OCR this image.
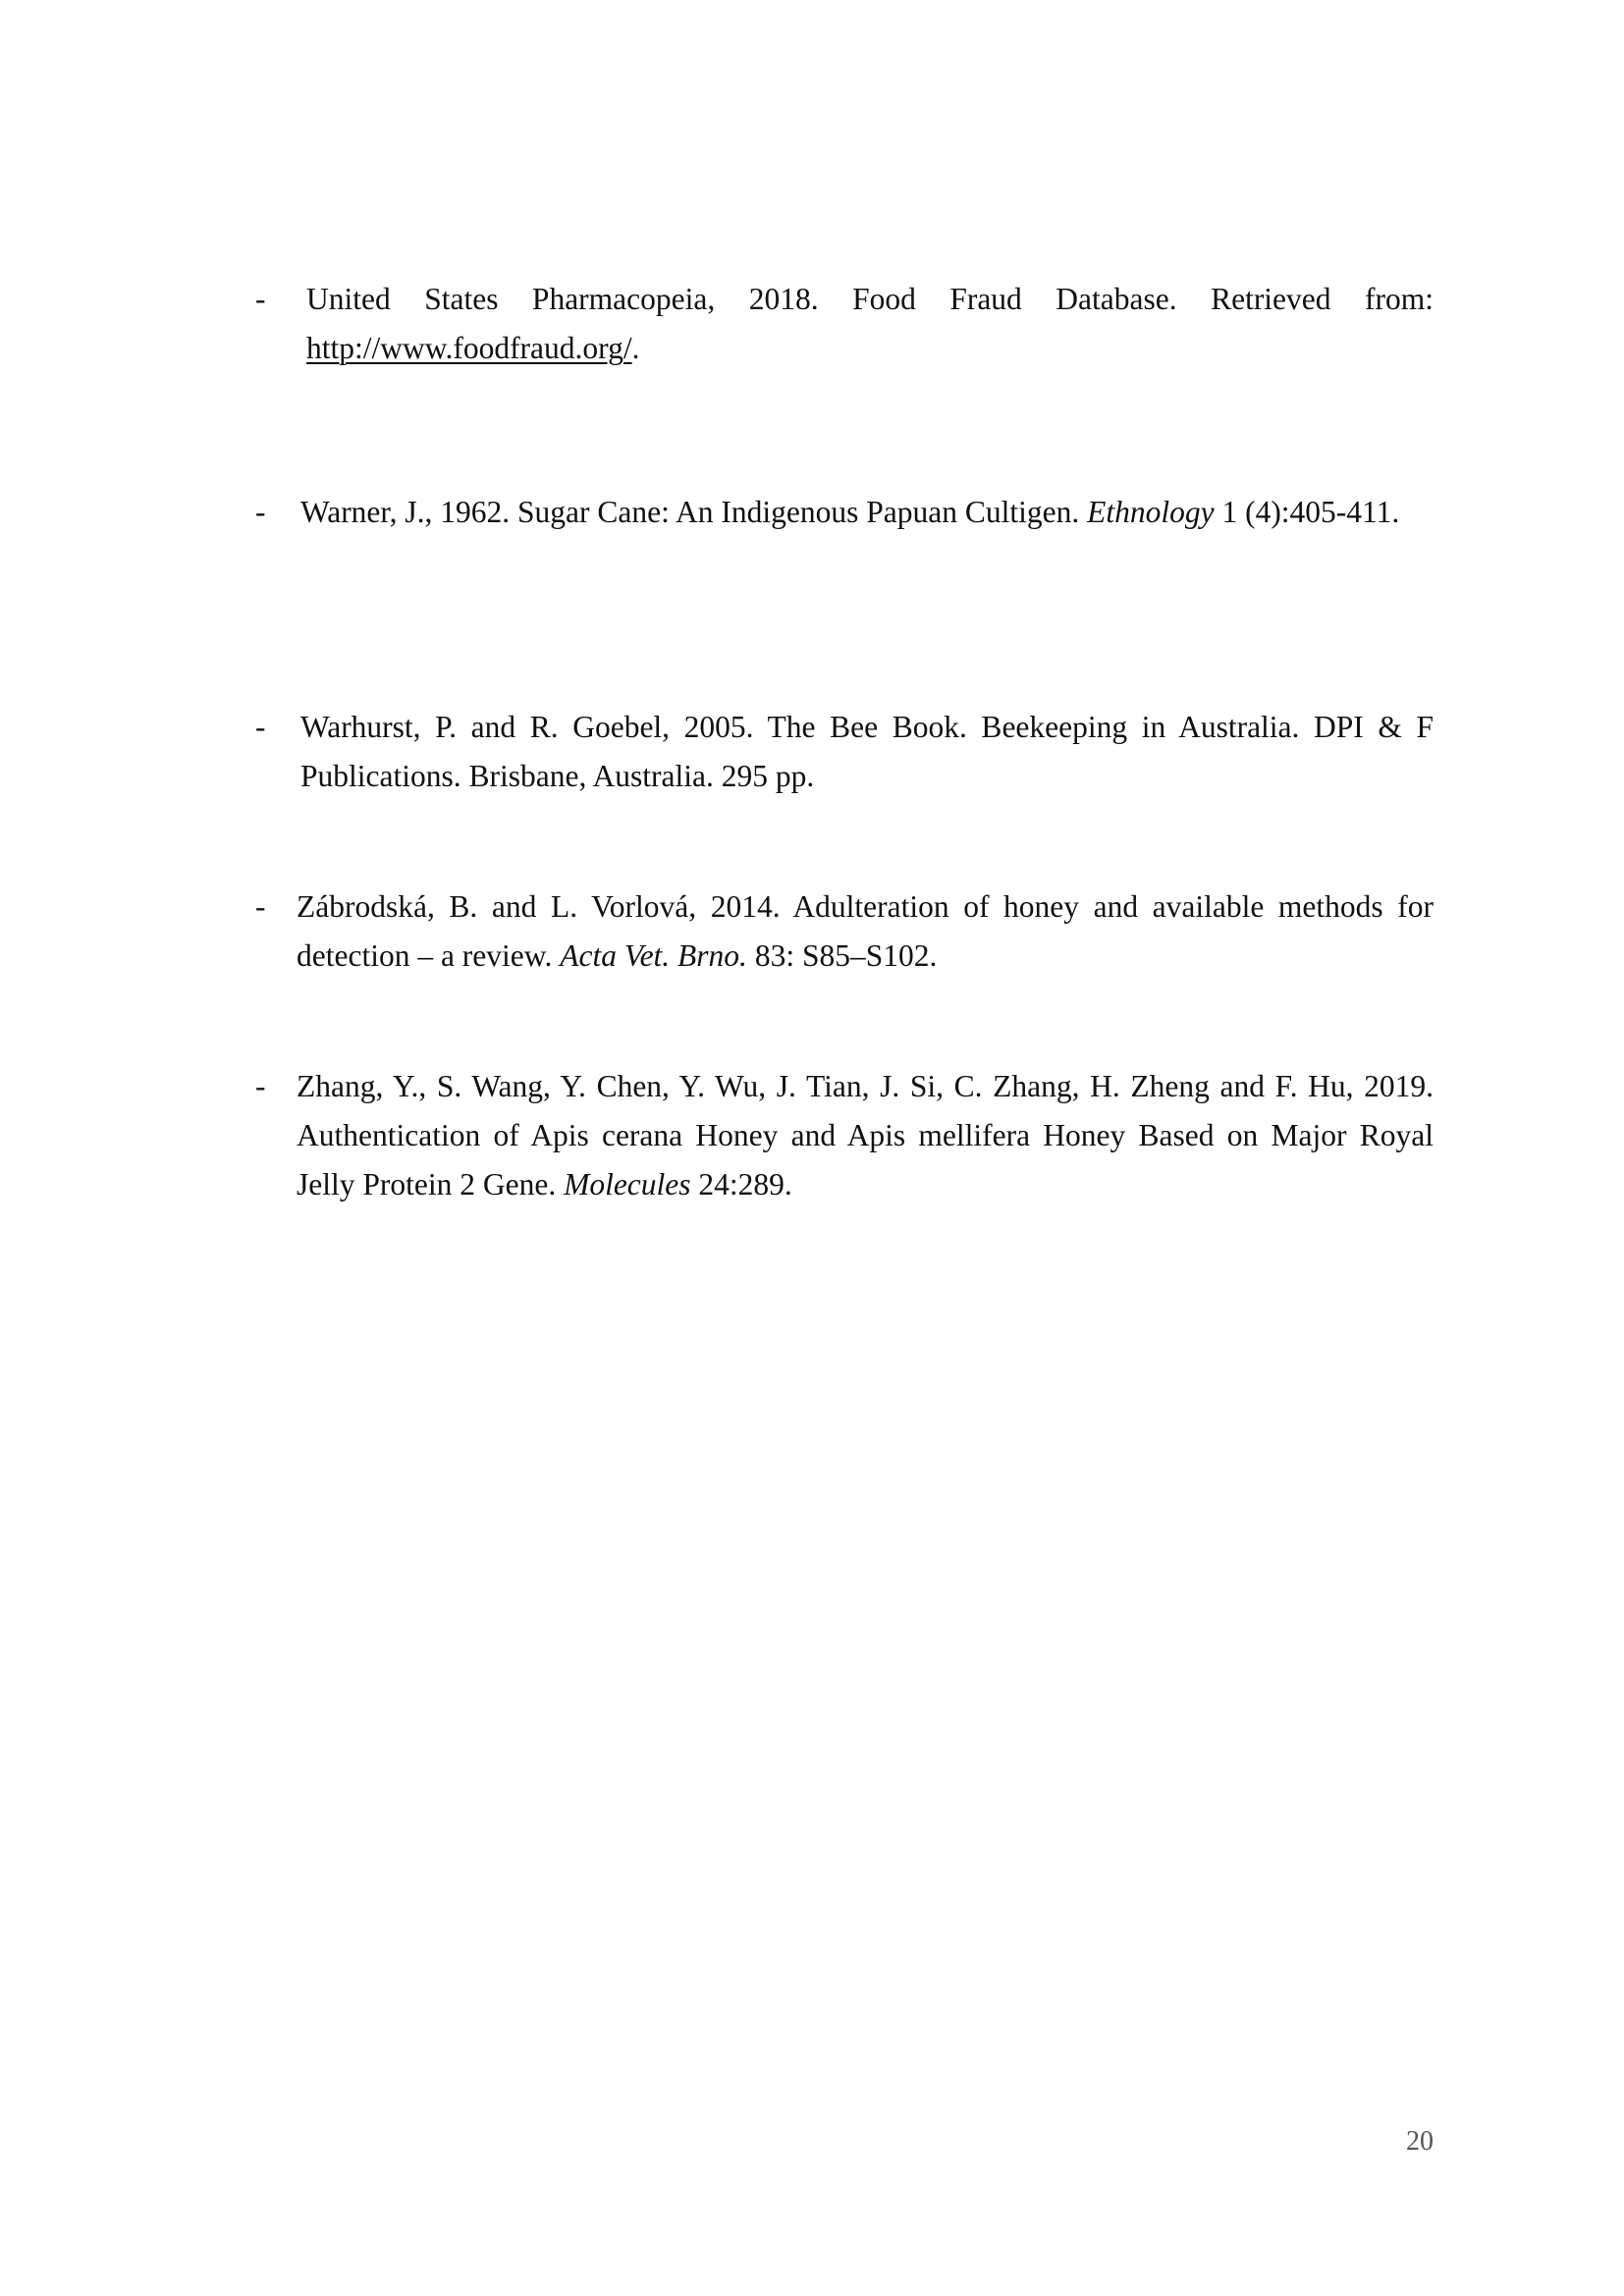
-	United States Pharmacopeia, 2018. Food Fraud Database. Retrieved from: http://www.foodfraud.org/.
-	Warner, J., 1962. Sugar Cane: An Indigenous Papuan Cultigen. Ethnology 1 (4):405-411.
-	Warhurst, P. and R. Goebel, 2005. The Bee Book. Beekeeping in Australia. DPI & F Publications. Brisbane, Australia. 295 pp.
-	Zábrodská, B. and L. Vorlová, 2014. Adulteration of honey and available methods for detection – a review. Acta Vet. Brno. 83: S85–S102.
-	Zhang, Y., S. Wang, Y. Chen, Y. Wu, J. Tian, J. Si, C. Zhang, H. Zheng and F. Hu, 2019. Authentication of Apis cerana Honey and Apis mellifera Honey Based on Major Royal Jelly Protein 2 Gene. Molecules 24:289.
20
